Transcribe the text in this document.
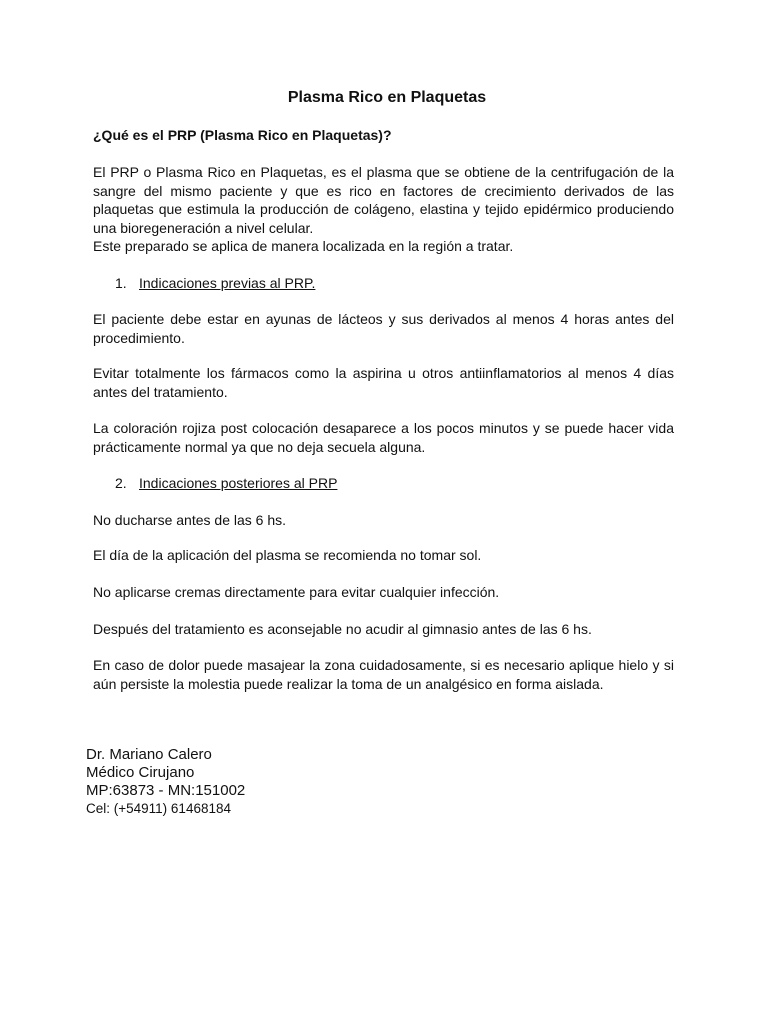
Plasma Rico en Plaquetas

¿Qué es el PRP (Plasma Rico en Plaquetas)?

El PRP o Plasma Rico en Plaquetas, es el plasma que se obtiene de la centrifugación de la
sangre del mismo paciente y que es rico en factores de crecimiento derivados de las
plaquetas que estimula la producción de colágeno, elastina y tejido epidérmico produciendo
una bioregeneración a nivel celular.
Este preparado se aplica de manera localizada en la región a tratar.

1. Indicaciones previas al PRP.

El paciente debe estar en ayunas de lácteos y sus derivados al menos 4 horas antes del
procedimiento.
Evitar totalmente los fármacos como la aspirina u otros antiinflamatorios al menos 4 días
antes del tratamiento.
La coloración rojiza post colocación desaparece a los pocos minutos y se puede hacer vida
prácticamente normal ya que no deja secuela alguna.

2. Indicaciones posteriores al PRP

No ducharse antes de las 6 hs.
El día de la aplicación del plasma se recomienda no tomar sol.
No aplicarse cremas directamente para evitar cualquier infección.
Después del tratamiento es aconsejable no acudir al gimnasio antes de las 6 hs.
En caso de dolor puede masajear la zona cuidadosamente, si es necesario aplique hielo y si
aún persiste la molestia puede realizar la toma de un analgésico en forma aislada.
Dr. Mariano Calero
Médico Cirujano
MP:63873 - MN:151002
Cel: (+54911) 61468184
